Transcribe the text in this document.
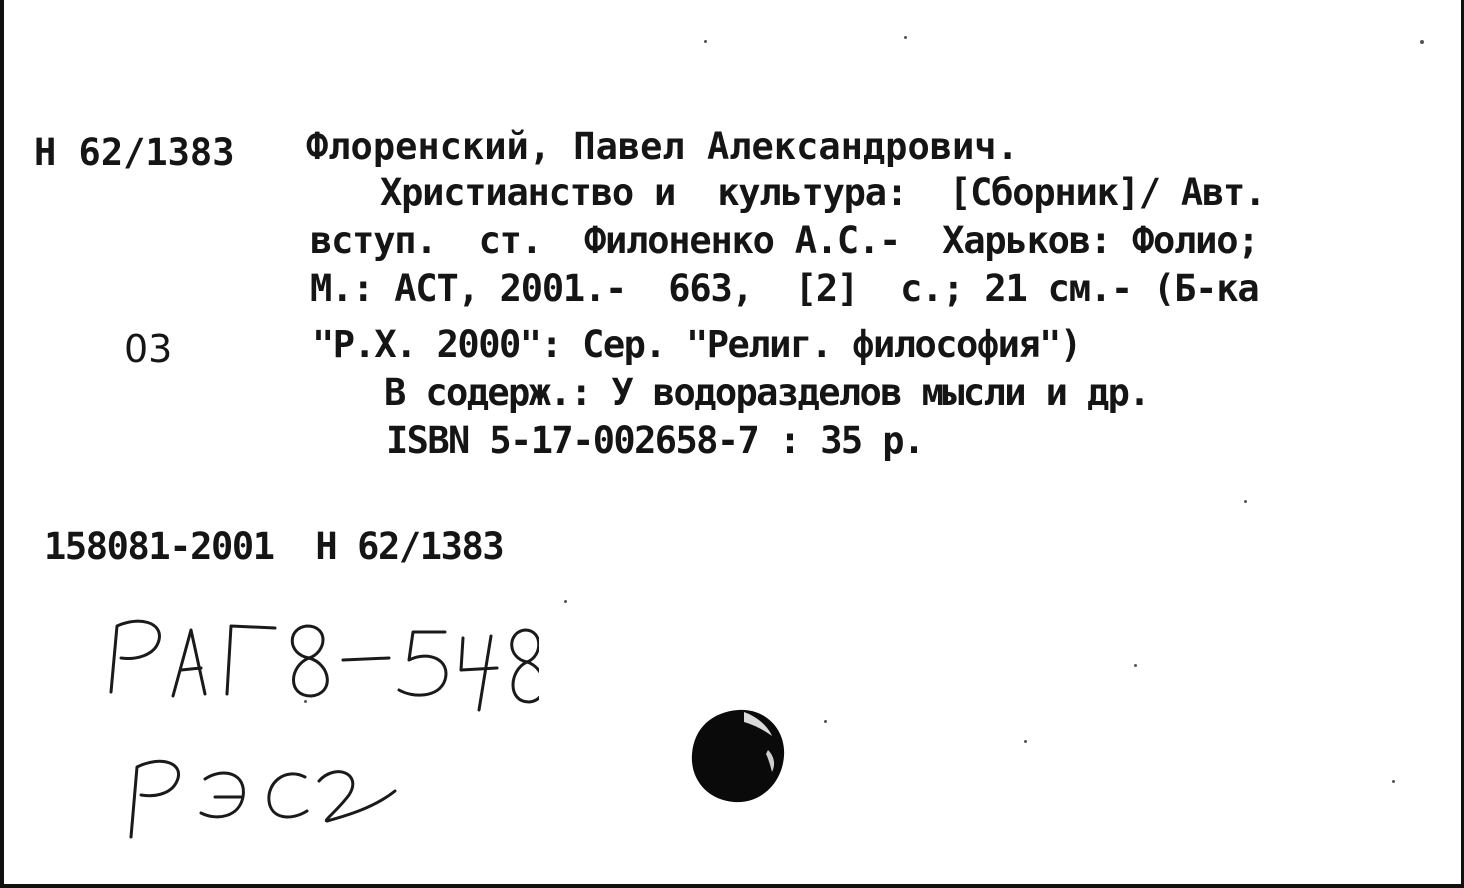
Н 62/1383 Флоренский, Павел Александрович.
Христианство и  культура:  [Сборник]/ Авт.
вступ.  ст.  Филоненко А.С.-  Харьков: Фолио;
М.: АСТ, 2001.-  663,  [2]  с.; 21 см.- (Б-ка
03	"Р.Х. 2000": Сер. "Религ. философия")
В содерж.: У водоразделов мысли и др.
ISBN 5-17-002658-7 : 35 р.
158081-2001  Н 62/1383
